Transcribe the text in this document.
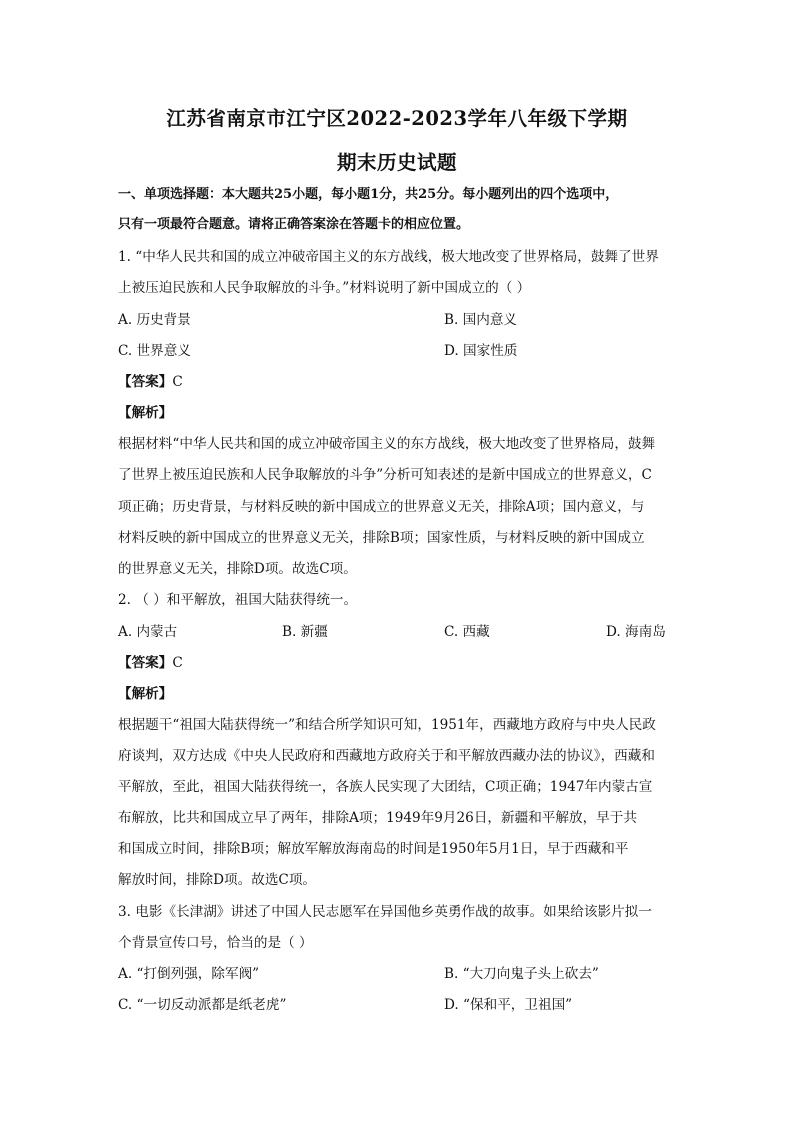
江苏省南京市江宁区2022-2023学年八年级下学期
期末历史试题
一、单项选择题：本大题共25小题，每小题1分，共25分。每小题列出的四个选项中，
只有一项最符合题意。请将正确答案涂在答题卡的相应位置。
1. “中华人民共和国的成立冲破帝国主义的东方战线，极大地改变了世界格局，鼓舞了世界
上被压迫民族和人民争取解放的斗争。”材料说明了新中国成立的（ ）
A. 历史背景	B. 国内意义
C. 世界意义	D. 国家性质
【答案】C
【解析】
根据材料“中华人民共和国的成立冲破帝国主义的东方战线，极大地改变了世界格局，鼓舞
了世界上被压迫民族和人民争取解放的斗争”分析可知表述的是新中国成立的世界意义，C
项正确；历史背景，与材料反映的新中国成立的世界意义无关，排除A项；国内意义，与
材料反映的新中国成立的世界意义无关，排除B项；国家性质，与材料反映的新中国成立
的世界意义无关，排除D项。故选C项。
2. （ ）和平解放，祖国大陆获得统一。
A. 内蒙古	B. 新疆	C. 西藏	D. 海南岛
【答案】C
【解析】
根据题干“祖国大陆获得统一”和结合所学知识可知，1951年，西藏地方政府与中央人民政
府谈判，双方达成《中央人民政府和西藏地方政府关于和平解放西藏办法的协议》，西藏和
平解放，至此，祖国大陆获得统一，各族人民实现了大团结，C项正确；1947年内蒙古宣
布解放，比共和国成立早了两年，排除A项；1949年9月26日，新疆和平解放，早于共
和国成立时间，排除B项；解放军解放海南岛的时间是1950年5月1日，早于西藏和平
解放时间，排除D项。故选C项。
3. 电影《长津湖》讲述了中国人民志愿军在异国他乡英勇作战的故事。如果给该影片拟一
个背景宣传口号，恰当的是（ ）
A. “打倒列强，除军阀”	B. “大刀向鬼子头上砍去”
C. “一切反动派都是纸老虎”	D. “保和平，卫祖国”
